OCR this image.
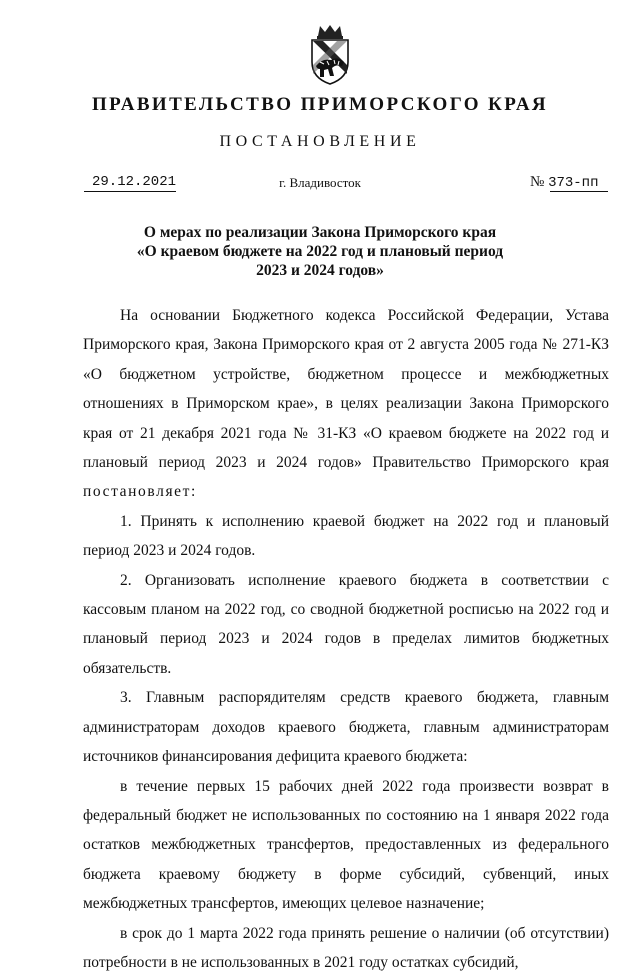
ПРАВИТЕЛЬСТВО ПРИМОРСКОГО КРАЯ
ПОСТАНОВЛЕНИЕ
29.12.2021	г. Владивосток	№ 373-пп
О мерах по реализации Закона Приморского края
«О краевом бюджете на 2022 год и плановый период
2023 и 2024 годов»

На основании Бюджетного кодекса Российской Федерации, Устава Приморского края, Закона Приморского края от 2 августа 2005 года № 271-КЗ «О бюджетном устройстве, бюджетном процессе и межбюджетных отношениях в Приморском крае», в целях реализации Закона Приморского края от 21 декабря 2021 года № 31-КЗ «О краевом бюджете на 2022 год и плановый период 2023 и 2024 годов» Правительство Приморского края постановляет:

1. Принять к исполнению краевой бюджет на 2022 год и плановый период 2023 и 2024 годов.

2. Организовать исполнение краевого бюджета в соответствии с кассовым планом на 2022 год, со сводной бюджетной росписью на 2022 год и плановый период 2023 и 2024 годов в пределах лимитов бюджетных обязательств.

3. Главным распорядителям средств краевого бюджета, главным администраторам доходов краевого бюджета, главным администраторам источников финансирования дефицита краевого бюджета:

в течение первых 15 рабочих дней 2022 года произвести возврат в федеральный бюджет не использованных по состоянию на 1 января 2022 года остатков межбюджетных трансфертов, предоставленных из федерального бюджета краевому бюджету в форме субсидий, субвенций, иных межбюджетных трансфертов, имеющих целевое назначение;

в срок до 1 марта 2022 года принять решение о наличии (об отсутствии) потребности в не использованных в 2021 году остатках субсидий,
